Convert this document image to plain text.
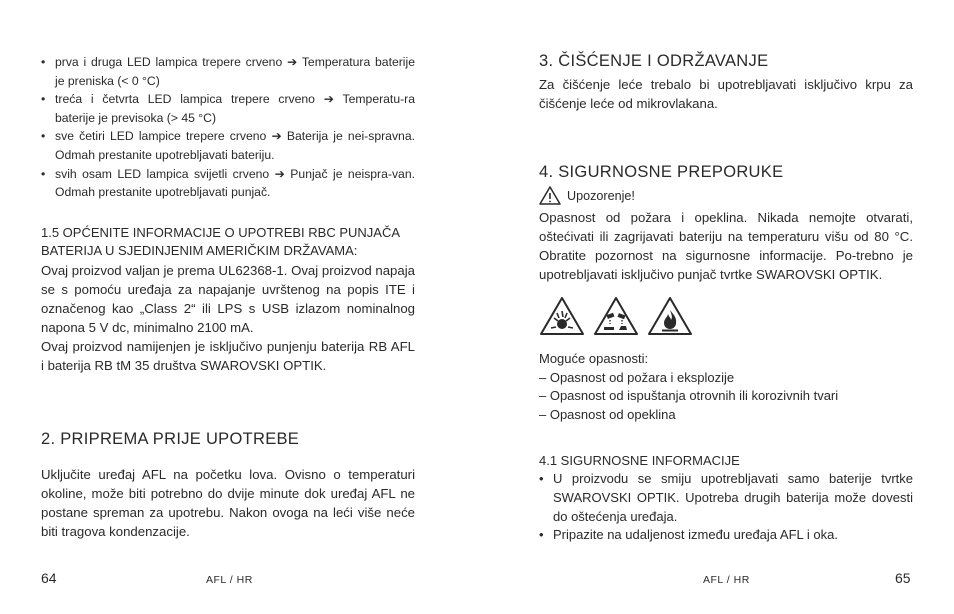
• prva i druga LED lampica trepere crveno ➔ Temperatura baterije je preniska (< 0 °C)
• treća i četvrta LED lampica trepere crveno ➔ Temperatu-ra baterije je previsoka (> 45 °C)
• sve četiri LED lampice trepere crveno ➔ Baterija je nei-spravna. Odmah prestanite upotrebljavati bateriju.
• svih osam LED lampica svijetli crveno ➔ Punjač je neispra-van. Odmah prestanite upotrebljavati punjač.
1.5 OPĆENITE INFORMACIJE O UPOTREBI RBC PUNJAČA BATERIJA U SJEDINJENIM AMERIČKIM DRŽAVAMA:
Ovaj proizvod valjan je prema UL62368-1. Ovaj proizvod napaja se s pomoću uređaja za napajanje uvrštenog na popis ITE i označenog kao „Class 2“ ili LPS s USB izlazom nominalnog napona 5 V dc, minimalno 2100 mA.
Ovaj proizvod namijenjen je isključivo punjenju baterija RB AFL i baterija RB tM 35 društva SWAROVSKI OPTIK.
2. PRIPREMA PRIJE UPOTREBE
Uključite uređaj AFL na početku lova. Ovisno o temperaturi okoline, može biti potrebno do dvije minute dok uređaj AFL ne postane spreman za upotrebu. Nakon ovoga na leći više neće biti tragova kondenzacije.
3. ČIŠĆENJE I ODRŽAVANJE
Za čišćenje leće trebalo bi upotrebljavati isključivo krpu za čišćenje leće od mikrovlakana.
4. SIGURNOSNE PREPORUKE
Upozorenje!
Opasnost od požara i opeklina. Nikada nemojte otvarati, oštećivati ili zagrijavati bateriju na temperaturu višu od 80 °C. Obratite pozornost na sigurnosne informacije. Po-trebno je upotrebljavati isključivo punjač tvrtke SWAROVSKI OPTIK.
Moguće opasnosti:
– Opasnost od požara i eksplozije
– Opasnost od ispuštanja otrovnih ili korozivnih tvari
– Opasnost od opeklina
4.1 SIGURNOSNE INFORMACIJE
• U proizvodu se smiju upotrebljavati samo baterije tvrtke SWAROVSKI OPTIK. Upotreba drugih baterija može dovesti do oštećenja uređaja.
• Pripazite na udaljenost između uređaja AFL i oka.
64	AFL / HR	AFL / HR	65
